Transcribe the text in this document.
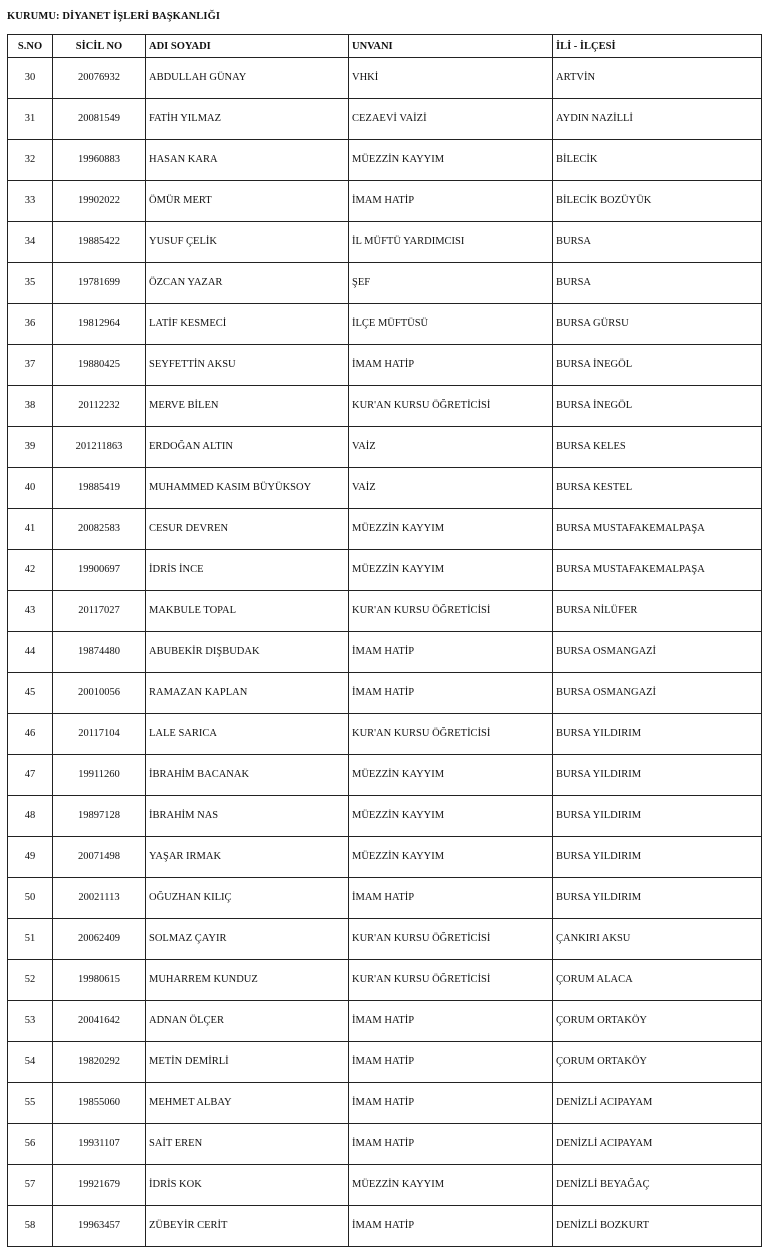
KURUMU: DİYANET İŞLERİ BAŞKANLIĞI
S.NO	SİCİL NO	ADI SOYADI	UNVANI	İLİ - İLÇESİ
30	20076932	ABDULLAH GÜNAY	VHKİ	ARTVİN
31	20081549	FATİH YILMAZ	CEZAEVİ VAİZİ	AYDIN NAZİLLİ
32	19960883	HASAN KARA	MÜEZZİN KAYYIM	BİLECİK
33	19902022	ÖMÜR MERT	İMAM HATİP	BİLECİK BOZÜYÜK
34	19885422	YUSUF ÇELİK	İL MÜFTÜ YARDIMCISI	BURSA
35	19781699	ÖZCAN YAZAR	ŞEF	BURSA
36	19812964	LATİF KESMECİ	İLÇE MÜFTÜSÜ	BURSA GÜRSU
37	19880425	SEYFETTİN AKSU	İMAM HATİP	BURSA İNEGÖL
38	20112232	MERVE BİLEN	KUR'AN KURSU ÖĞRETİCİSİ	BURSA İNEGÖL
39	201211863	ERDOĞAN ALTIN	VAİZ	BURSA KELES
40	19885419	MUHAMMED KASIM BÜYÜKSOY	VAİZ	BURSA KESTEL
41	20082583	CESUR DEVREN	MÜEZZİN KAYYIM	BURSA MUSTAFAKEMALPAŞA
42	19900697	İDRİS İNCE	MÜEZZİN KAYYIM	BURSA MUSTAFAKEMALPAŞA
43	20117027	MAKBULE TOPAL	KUR'AN KURSU ÖĞRETİCİSİ	BURSA NİLÜFER
44	19874480	ABUBEKİR DIŞBUDAK	İMAM HATİP	BURSA OSMANGAZİ
45	20010056	RAMAZAN KAPLAN	İMAM HATİP	BURSA OSMANGAZİ
46	20117104	LALE SARICA	KUR'AN KURSU ÖĞRETİCİSİ	BURSA YILDIRIM
47	19911260	İBRAHİM BACANAK	MÜEZZİN KAYYIM	BURSA YILDIRIM
48	19897128	İBRAHİM NAS	MÜEZZİN KAYYIM	BURSA YILDIRIM
49	20071498	YAŞAR IRMAK	MÜEZZİN KAYYIM	BURSA YILDIRIM
50	20021113	OĞUZHAN KILIÇ	İMAM HATİP	BURSA YILDIRIM
51	20062409	SOLMAZ ÇAYIR	KUR'AN KURSU ÖĞRETİCİSİ	ÇANKIRI AKSU
52	19980615	MUHARREM KUNDUZ	KUR'AN KURSU ÖĞRETİCİSİ	ÇORUM ALACA
53	20041642	ADNAN ÖLÇER	İMAM HATİP	ÇORUM ORTAKÖY
54	19820292	METİN DEMİRLİ	İMAM HATİP	ÇORUM ORTAKÖY
55	19855060	MEHMET ALBAY	İMAM HATİP	DENİZLİ ACIPAYAM
56	19931107	SAİT EREN	İMAM HATİP	DENİZLİ ACIPAYAM
57	19921679	İDRİS KOK	MÜEZZİN KAYYIM	DENİZLİ BEYAĞAÇ
58	19963457	ZÜBEYİR CERİT	İMAM HATİP	DENİZLİ BOZKURT
